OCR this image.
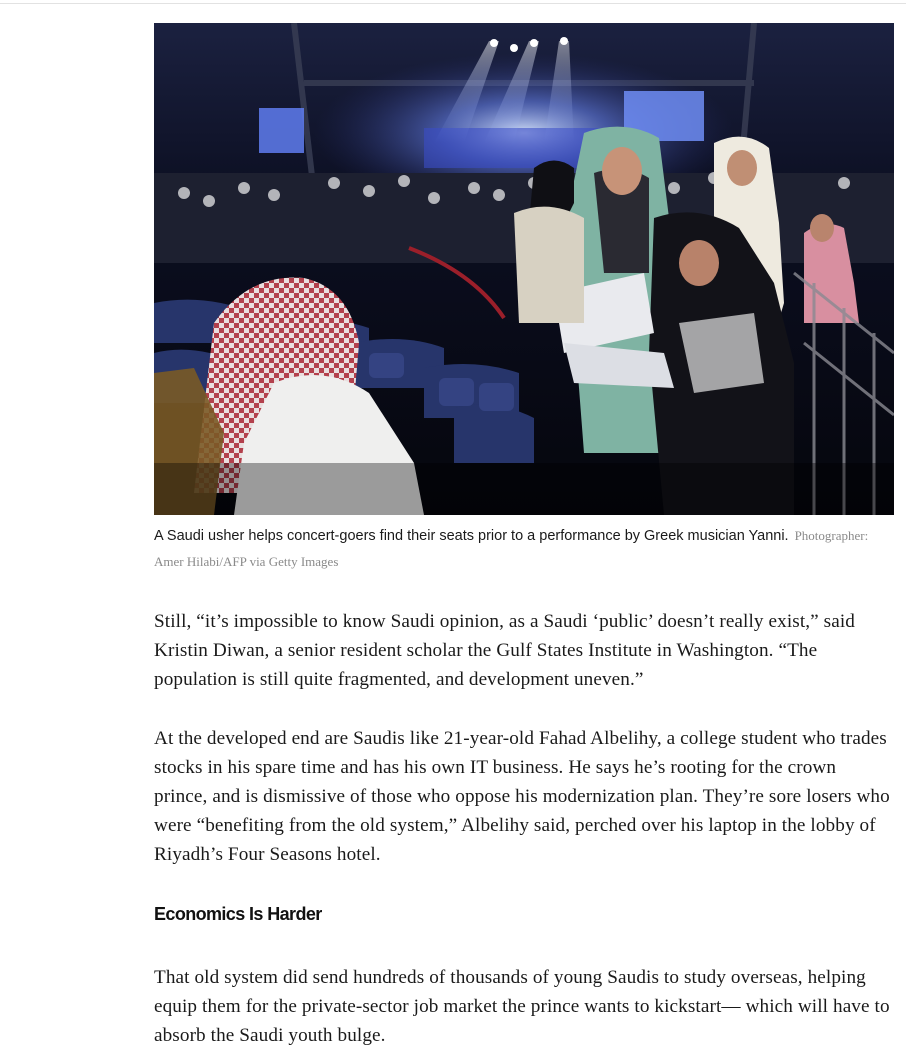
A Saudi usher helps concert-goers find their seats prior to a performance by Greek musician Yanni. Photographer: Amer Hilabi/AFP via Getty Images

Still, “it’s impossible to know Saudi opinion, as a Saudi ‘public’ doesn’t really exist,” said Kristin Diwan, a senior resident scholar the Gulf States Institute in Washington. “The population is still quite fragmented, and development uneven.”

At the developed end are Saudis like 21-year-old Fahad Albelihy, a college student who trades stocks in his spare time and has his own IT business. He says he’s rooting for the crown prince, and is dismissive of those who oppose his modernization plan. They’re sore losers who were “benefiting from the old system,” Albelihy said, perched over his laptop in the lobby of Riyadh’s Four Seasons hotel.

Economics Is Harder

That old system did send hundreds of thousands of young Saudis to study overseas, helping equip them for the private-sector job market the prince wants to kickstart— which will have to absorb the Saudi youth bulge.
